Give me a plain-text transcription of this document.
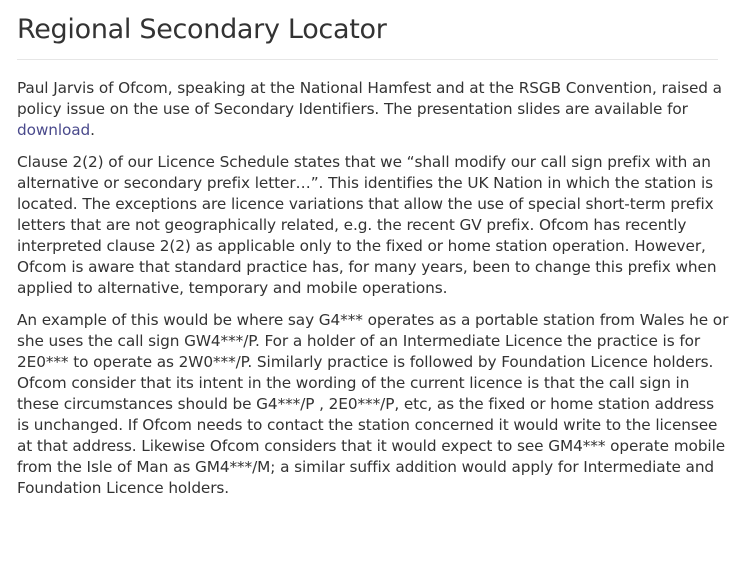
Regional Secondary Locator

Paul Jarvis of Ofcom, speaking at the National Hamfest and at the RSGB Convention, raised a policy issue on the use of Secondary Identifiers. The presentation slides are available for download.

Clause 2(2) of our Licence Schedule states that we “shall modify our call sign prefix with an alternative or secondary prefix letter…”. This identifies the UK Nation in which the station is located. The exceptions are licence variations that allow the use of special short-term prefix letters that are not geographically related, e.g. the recent GV prefix. Ofcom has recently interpreted clause 2(2) as applicable only to the fixed or home station operation. However, Ofcom is aware that standard practice has, for many years, been to change this prefix when applied to alternative, temporary and mobile operations.

An example of this would be where say G4*** operates as a portable station from Wales he or she uses the call sign GW4***/P. For a holder of an Intermediate Licence the practice is for 2E0*** to operate as 2W0***/P. Similarly practice is followed by Foundation Licence holders. Ofcom consider that its intent in the wording of the current licence is that the call sign in these circumstances should be G4***/P , 2E0***/P, etc, as the fixed or home station address is unchanged. If Ofcom needs to contact the station concerned it would write to the licensee at that address. Likewise Ofcom considers that it would expect to see GM4*** operate mobile from the Isle of Man as GM4***/M; a similar suffix addition would apply for Intermediate and Foundation Licence holders.
